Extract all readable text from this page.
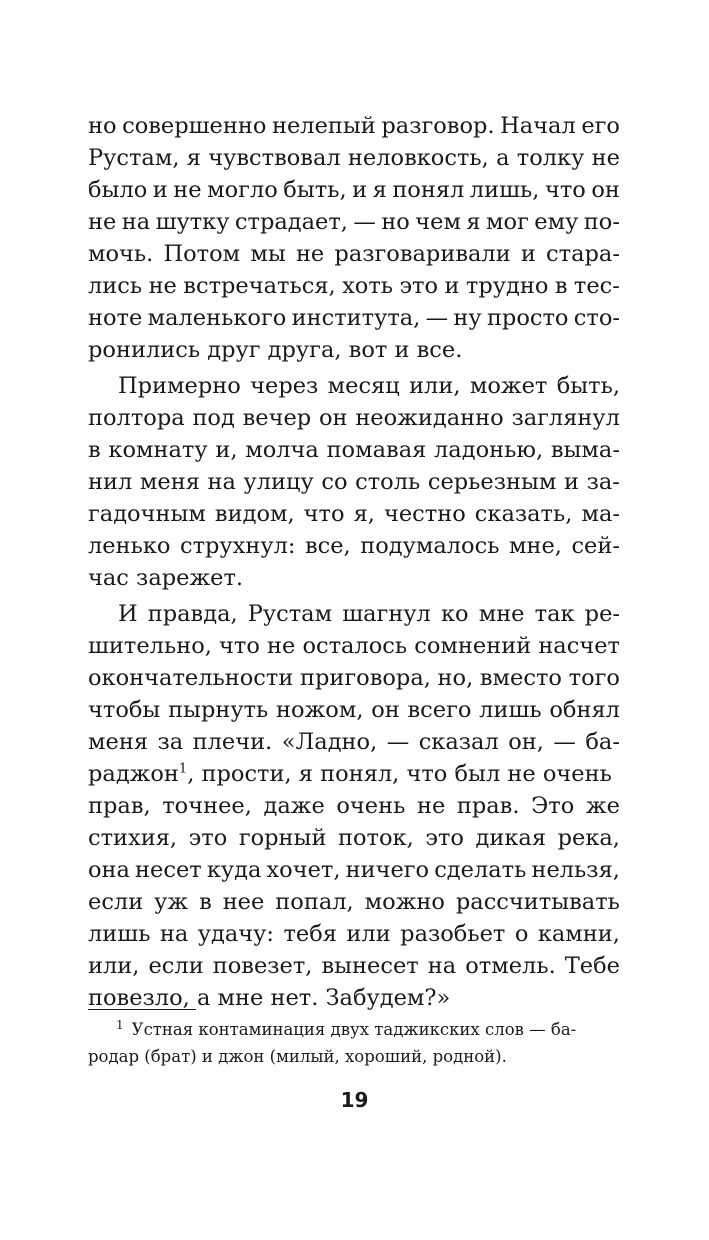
но совершенно нелепый разговор. Начал его
Рустам, я чувствовал неловкость, а толку не
было и не могло быть, и я понял лишь, что он
не на шутку страдает, — но чем я мог ему по-
мочь. Потом мы не разговаривали и стара-
лись не встречаться, хоть это и трудно в тес-
ноте маленького института, — ну просто сто-
ронились друг друга, вот и все.
Примерно через месяц или, может быть,
полтора под вечер он неожиданно заглянул
в комнату и, молча помавая ладонью, выма-
нил меня на улицу со столь серьезным и за-
гадочным видом, что я, честно сказать, ма-
ленько струхнул: все, подумалось мне, сей-
час зарежет.
И правда, Рустам шагнул ко мне так ре-
шительно, что не осталось сомнений насчет
окончательности приговора, но, вместо того
чтобы пырнуть ножом, он всего лишь обнял
меня за плечи. «Ладно, — сказал он, — ба-
раджон$^1$, прости, я понял, что был не очень
прав, точнее, даже очень не прав. Это же
стихия, это горный поток, это дикая река,
она несет куда хочет, ничего сделать нельзя,
если уж в нее попал, можно рассчитывать
лишь на удачу: тебя или разобьет о камни,
или, если повезет, вынесет на отмель. Тебе
повезло, а мне нет. Забудем?»
$^1$ Устная контаминация двух таджикских слов — ба-
родар (брат) и джон (милый, хороший, родной).
19
